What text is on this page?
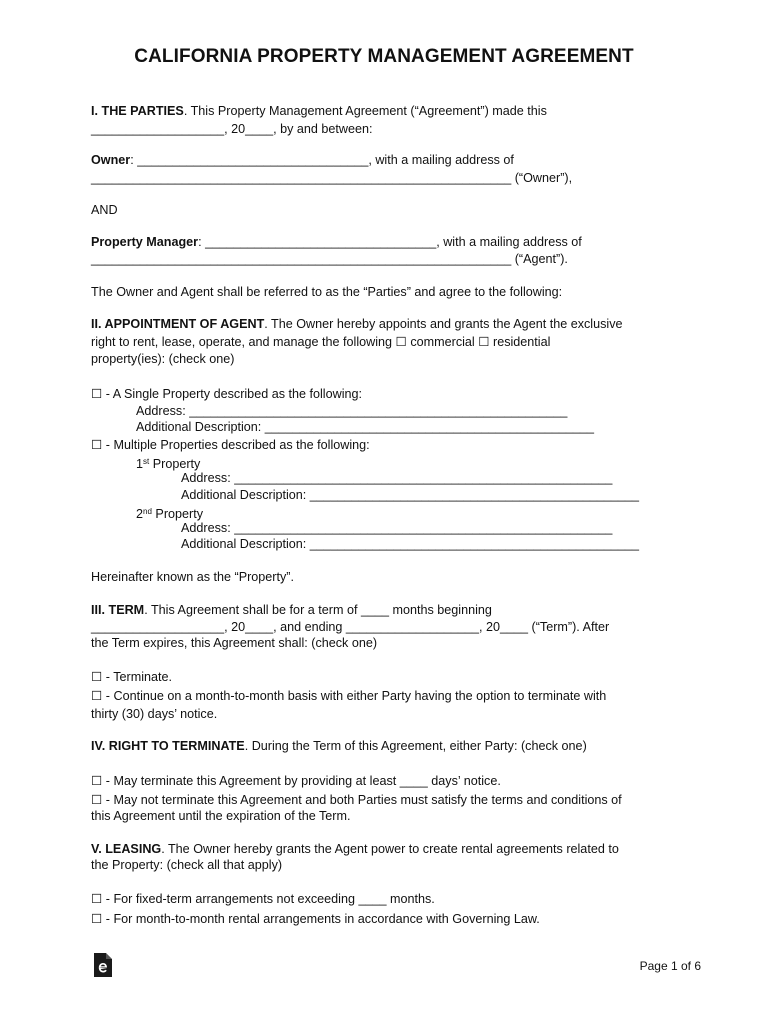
CALIFORNIA PROPERTY MANAGEMENT AGREEMENT
I. THE PARTIES. This Property Management Agreement (“Agreement”) made this
___________________, 20____, by and between:
Owner: _________________________________, with a mailing address of
____________________________________________________________ (“Owner”),
AND
Property Manager: _________________________________, with a mailing address of
____________________________________________________________ (“Agent”).
The Owner and Agent shall be referred to as the “Parties” and agree to the following:
II. APPOINTMENT OF AGENT. The Owner hereby appoints and grants the Agent the exclusive
right to rent, lease, operate, and manage the following ☐ commercial ☐ residential
property(ies): (check one)
☐ - A Single Property described as the following:
Address: ______________________________________________________
Additional Description: _______________________________________________
☐ - Multiple Properties described as the following:
1st Property
Address: ______________________________________________________
Additional Description: _______________________________________________
2nd Property
Address: ______________________________________________________
Additional Description: _______________________________________________
Hereinafter known as the “Property”.
III. TERM. This Agreement shall be for a term of ____ months beginning
___________________, 20____, and ending ___________________, 20____ (“Term”). After
the Term expires, this Agreement shall: (check one)
☐ - Terminate.
☐ - Continue on a month-to-month basis with either Party having the option to terminate with
thirty (30) days’ notice.
IV. RIGHT TO TERMINATE. During the Term of this Agreement, either Party: (check one)
☐ - May terminate this Agreement by providing at least ____ days’ notice.
☐ - May not terminate this Agreement and both Parties must satisfy the terms and conditions of
this Agreement until the expiration of the Term.
V. LEASING. The Owner hereby grants the Agent power to create rental agreements related to
the Property: (check all that apply)
☐ - For fixed-term arrangements not exceeding ____ months.
☐ - For month-to-month rental arrangements in accordance with Governing Law.
Page 1 of 6
